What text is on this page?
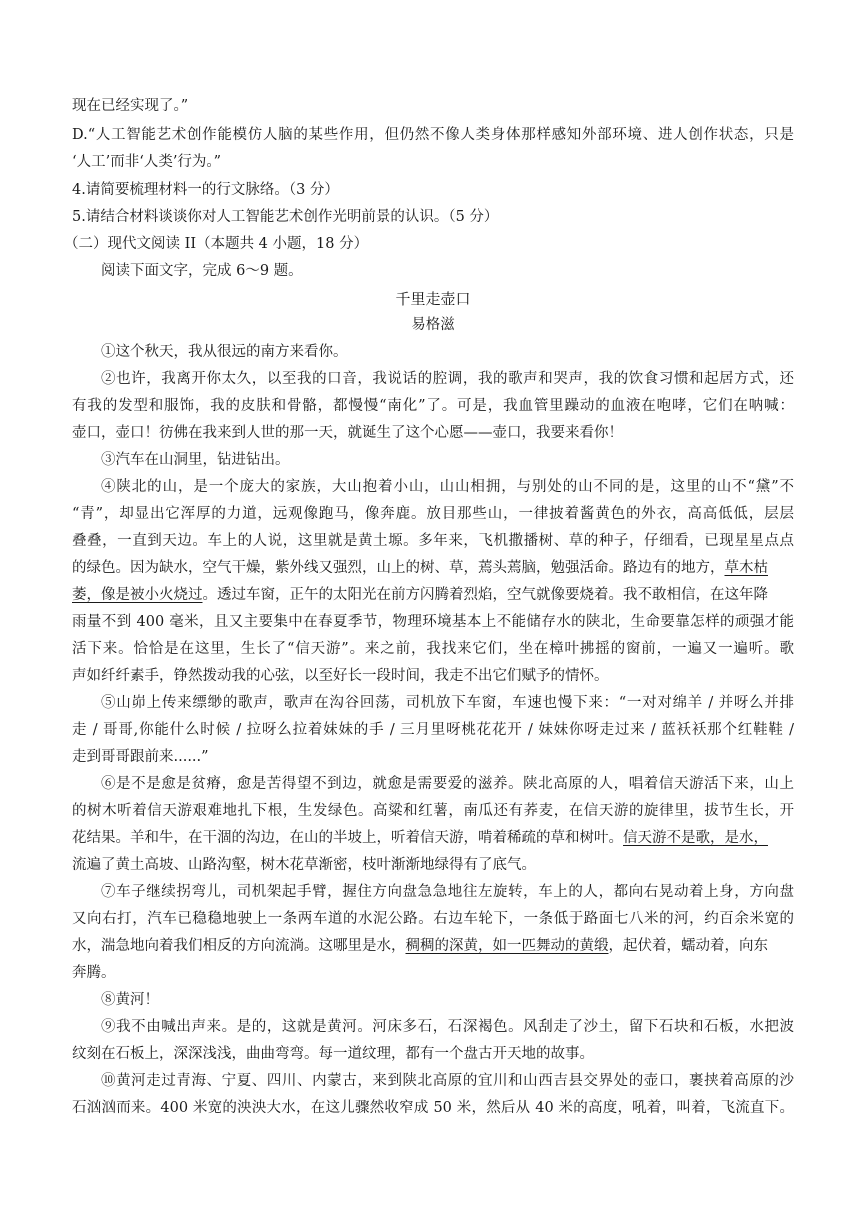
现在已经实现了。”
D.“人工智能艺术创作能模仿人脑的某些作用，但仍然不像人类身体那样感知外部环境、进人创作状态，只是
‘人工’而非‘人类’行为。”
4.请简要梳理材料一的行文脉络。（3 分）
5.请结合材料谈谈你对人工智能艺术创作光明前景的认识。（5 分）
（二）现代文阅读 II（本题共 4 小题，18 分）
阅读下面文字，完成 6～9 题。
千里走壶口
易格滋
①这个秋天，我从很远的南方来看你。
②也许，我离开你太久，以至我的口音，我说话的腔调，我的歌声和哭声，我的饮食习惯和起居方式，还
有我的发型和服饰，我的皮肤和骨骼，都慢慢“南化”了。可是，我血管里躁动的血液在咆哮，它们在呐喊：
壶口，壶口！彷佛在我来到人世的那一天，就诞生了这个心愿——壶口，我要来看你！
③汽车在山洞里，钻进钻出。
④陕北的山，是一个庞大的家族，大山抱着小山，山山相拥，与别处的山不同的是，这里的山不“黛”不
“青”，却显出它浑厚的力道，远观像跑马，像奔鹿。放目那些山，一律披着酱黄色的外衣，高高低低，层层
叠叠，一直到天边。车上的人说，这里就是黄土塬。多年来，飞机撒播树、草的种子，仔细看，已现星星点点
的绿色。因为缺水，空气干燥，紫外线又强烈，山上的树、草，蔫头蔫脑，勉强活命。路边有的地方，草木枯
萎，像是被小火烧过。透过车窗，正午的太阳光在前方闪腾着烈焰，空气就像要烧着。我不敢相信，在这年降
雨量不到 400 毫米，且又主要集中在春夏季节，物理环境基本上不能储存水的陕北，生命要靠怎样的顽强才能
活下来。恰恰是在这里，生长了“信天游”。来之前，我找来它们，坐在樟叶拂摇的窗前，一遍又一遍听。歌
声如纤纤素手，铮然拨动我的心弦，以至好长一段时间，我走不出它们赋予的情怀。
⑤山峁上传来缥缈的歌声，歌声在沟谷回荡，司机放下车窗，车速也慢下来：“一对对绵羊 / 并呀么并排
走 / 哥哥,你能什么时候 / 拉呀么拉着妹妹的手 / 三月里呀桃花花开 / 妹妹你呀走过来 / 蓝袄袄那个红鞋鞋 /
走到哥哥跟前来......”
⑥是不是愈是贫瘠，愈是苦得望不到边，就愈是需要爱的滋养。陕北高原的人，唱着信天游活下来，山上
的树木听着信天游艰难地扎下根，生发绿色。高粱和红薯，南瓜还有荞麦，在信天游的旋律里，拔节生长，开
花结果。羊和牛，在干涸的沟边，在山的半坡上，听着信天游，啃着稀疏的草和树叶。信天游不是歌，是水，
流遍了黄土高坡、山路沟壑，树木花草渐密，枝叶渐渐地绿得有了底气。
⑦车子继续拐弯儿，司机架起手臂，握住方向盘急急地往左旋转，车上的人，都向右晃动着上身，方向盘
又向右打，汽车已稳稳地驶上一条两车道的水泥公路。右边车轮下，一条低于路面七八米的河，约百余米宽的
水，湍急地向着我们相反的方向流淌。这哪里是水，稠稠的深黄，如一匹舞动的黄缎，起伏着，蠕动着，向东
奔腾。
⑧黄河！
⑨我不由喊出声来。是的，这就是黄河。河床多石，石深褐色。风刮走了沙土，留下石块和石板，水把波
纹刻在石板上，深深浅浅，曲曲弯弯。每一道纹理，都有一个盘古开天地的故事。
⑩黄河走过青海、宁夏、四川、内蒙古，来到陕北高原的宜川和山西吉县交界处的壶口，裹挟着高原的沙
石汹汹而来。400 米宽的泱泱大水，在这儿骤然收窄成 50 米，然后从 40 米的高度，吼着，叫着，飞流直下。
